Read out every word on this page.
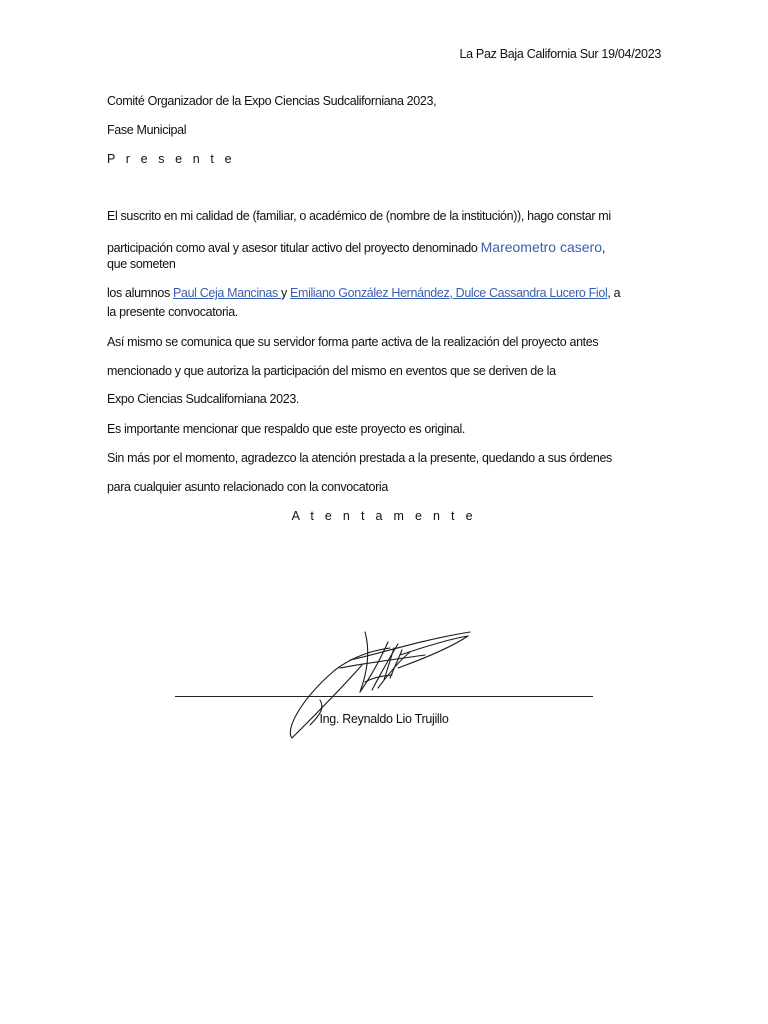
La Paz Baja California Sur 19/04/2023
Comité Organizador de la Expo Ciencias Sudcaliforniana 2023,
Fase Municipal
P r e s e n t e
El suscrito en mi calidad de (familiar, o académico de (nombre de la institución)), hago constar mi
participación como aval y asesor titular activo del proyecto denominado Mareometro casero,
que someten
los alumnos Paul Ceja Mancinas y Emiliano González Hernández, Dulce Cassandra Lucero Fiol, a
la presente convocatoria.
Así mismo se comunica que su servidor forma parte activa de la realización del proyecto antes
mencionado y que autoriza la participación del mismo en eventos que se deriven de la
Expo Ciencias Sudcaliforniana 2023.
Es importante mencionar que respaldo que este proyecto es original.
Sin más por el momento, agradezco la atención prestada a la presente, quedando a sus órdenes
para cualquier asunto relacionado con la convocatoria
A t e n t a m e n t e
Ing. Reynaldo Lio Trujillo
